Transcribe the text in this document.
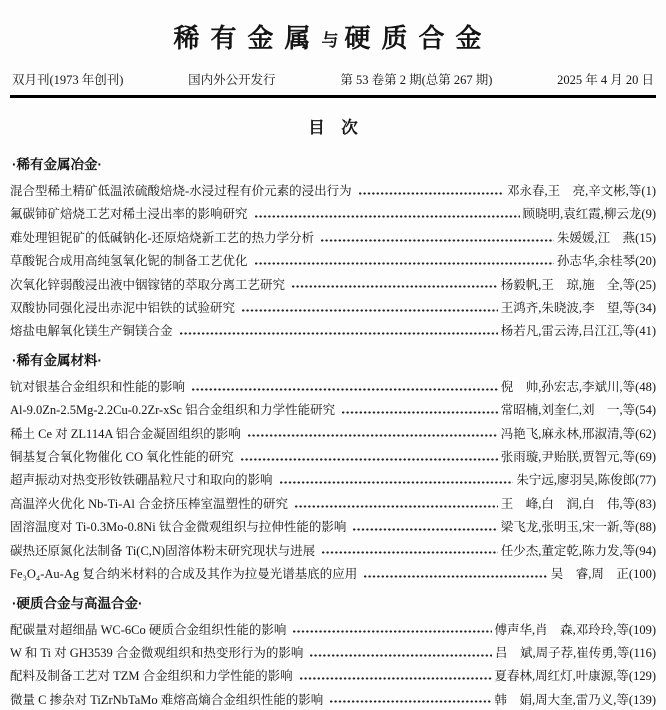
稀有金属与硬质合金
双月刊(1973 年创刊)	国内外公开发行	第 53 卷第 2 期(总第 267 期)	2025 年 4 月 20 日
目　次
·稀有金属冶金·
混合型稀土精矿低温浓硫酸焙烧-水浸过程有价元素的浸出行为	邓永春,王　亮,辛文彬,等 (1)
氟碳铈矿焙烧工艺对稀土浸出率的影响研究	顾晓明,袁红霞,柳云龙 (9)
难处理钽铌矿的低碱钠化-还原焙烧新工艺的热力学分析	朱媛媛,江　燕 (15)
草酸铌合成用高纯氢氧化铌的制备工艺优化	孙志华,余桂琴 (20)
次氧化锌弱酸浸出液中铟镓锗的萃取分离工艺研究	杨毅帆,王　琼,施　全,等 (25)
双酸协同强化浸出赤泥中铝铁的试验研究	王鸿齐,朱晓波,李　望,等 (34)
熔盐电解氧化镁生产铜镁合金	杨若凡,雷云涛,吕江江,等 (41)
·稀有金属材料·
钪对银基合金组织和性能的影响	倪　帅,孙宏志,李斌川,等 (48)
Al-9.0Zn-2.5Mg-2.2Cu-0.2Zr-xSc 铝合金组织和力学性能研究	常昭楠,刘奎仁,刘　一,等 (54)
稀土 Ce 对 ZL114A 铝合金凝固组织的影响	冯艳飞,麻永林,邢淑清,等 (62)
铜基复合氧化物催化 CO 氧化性能的研究	张雨璇,尹贻朕,贾智元,等 (69)
超声振动对热变形钕铁硼晶粒尺寸和取向的影响	朱宁远,廖羽吴,陈俊郎 (77)
高温淬火优化 Nb-Ti-Al 合金挤压棒室温塑性的研究	王　峰,白　润,白　伟,等 (83)
固溶温度对 Ti-0.3Mo-0.8Ni 钛合金微观组织与拉伸性能的影响	梁飞龙,张明玉,宋一新,等 (88)
碳热还原氮化法制备 Ti(C,N)固溶体粉末研究现状与进展	任少杰,董定乾,陈力发,等 (94)
Fe₃O₄-Au-Ag 复合纳米材料的合成及其作为拉曼光谱基底的应用	吴　睿,周　正 (100)
·硬质合金与高温合金·
配碳量对超细晶 WC-6Co 硬质合金组织性能的影响	傅声华,肖　森,邓玲玲,等 (109)
W 和 Ti 对 GH3539 合金微观组织和热变形行为的影响	吕　斌,周子荐,崔传勇,等 (116)
配料及制备工艺对 TZM 合金组织和力学性能的影响	夏春林,周红灯,叶康源,等 (129)
微量 C 掺杂对 TiZrNbTaMo 难熔高熵合金组织性能的影响	韩　娟,周大奎,雷乃义,等 (139)
